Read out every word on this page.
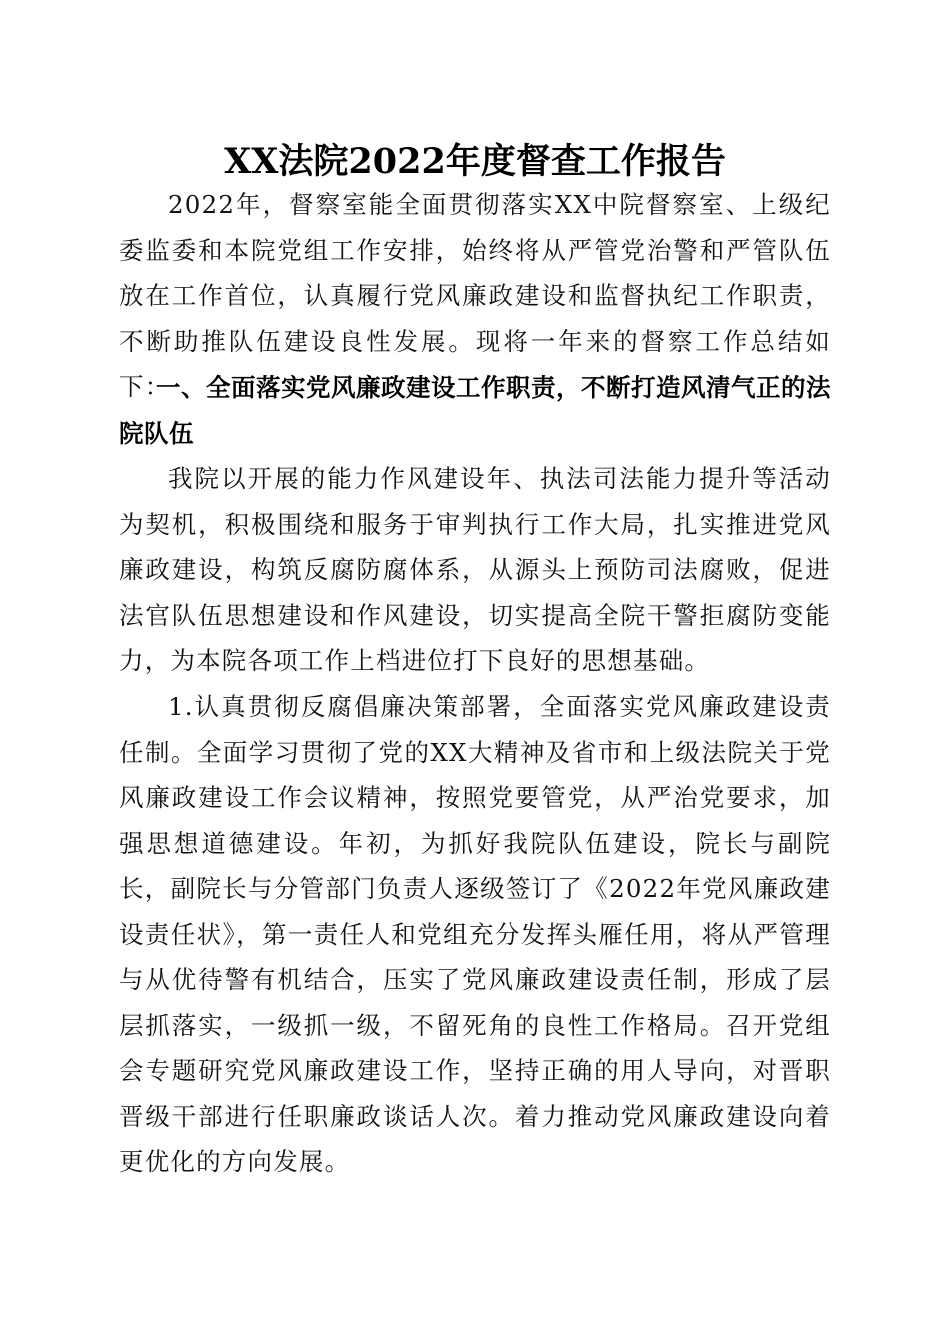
XX法院2022年度督查工作报告

2022年，督察室能全面贯彻落实XX中院督察室、上级纪委监委和本院党组工作安排，始终将从严管党治警和严管队伍放在工作首位，认真履行党风廉政建设和监督执纪工作职责，不断助推队伍建设良性发展。现将一年来的督察工作总结如下：

一、全面落实党风廉政建设工作职责，不断打造风清气正的法院队伍

我院以开展的能力作风建设年、执法司法能力提升等活动为契机，积极围绕和服务于审判执行工作大局，扎实推进党风廉政建设，构筑反腐防腐体系，从源头上预防司法腐败，促进法官队伍思想建设和作风建设，切实提高全院干警拒腐防变能力，为本院各项工作上档进位打下良好的思想基础。

1.认真贯彻反腐倡廉决策部署，全面落实党风廉政建设责任制。全面学习贯彻了党的XX大精神及省市和上级法院关于党风廉政建设工作会议精神，按照党要管党，从严治党要求，加强思想道德建设。年初，为抓好我院队伍建设，院长与副院长，副院长与分管部门负责人逐级签订了《2022年党风廉政建设责任状》，第一责任人和党组充分发挥头雁任用，将从严管理与从优待警有机结合，压实了党风廉政建设责任制，形成了层层抓落实，一级抓一级，不留死角的良性工作格局。召开党组会专题研究党风廉政建设工作，坚持正确的用人导向，对晋职晋级干部进行任职廉政谈话人次。着力推动党风廉政建设向着更优化的方向发展。
